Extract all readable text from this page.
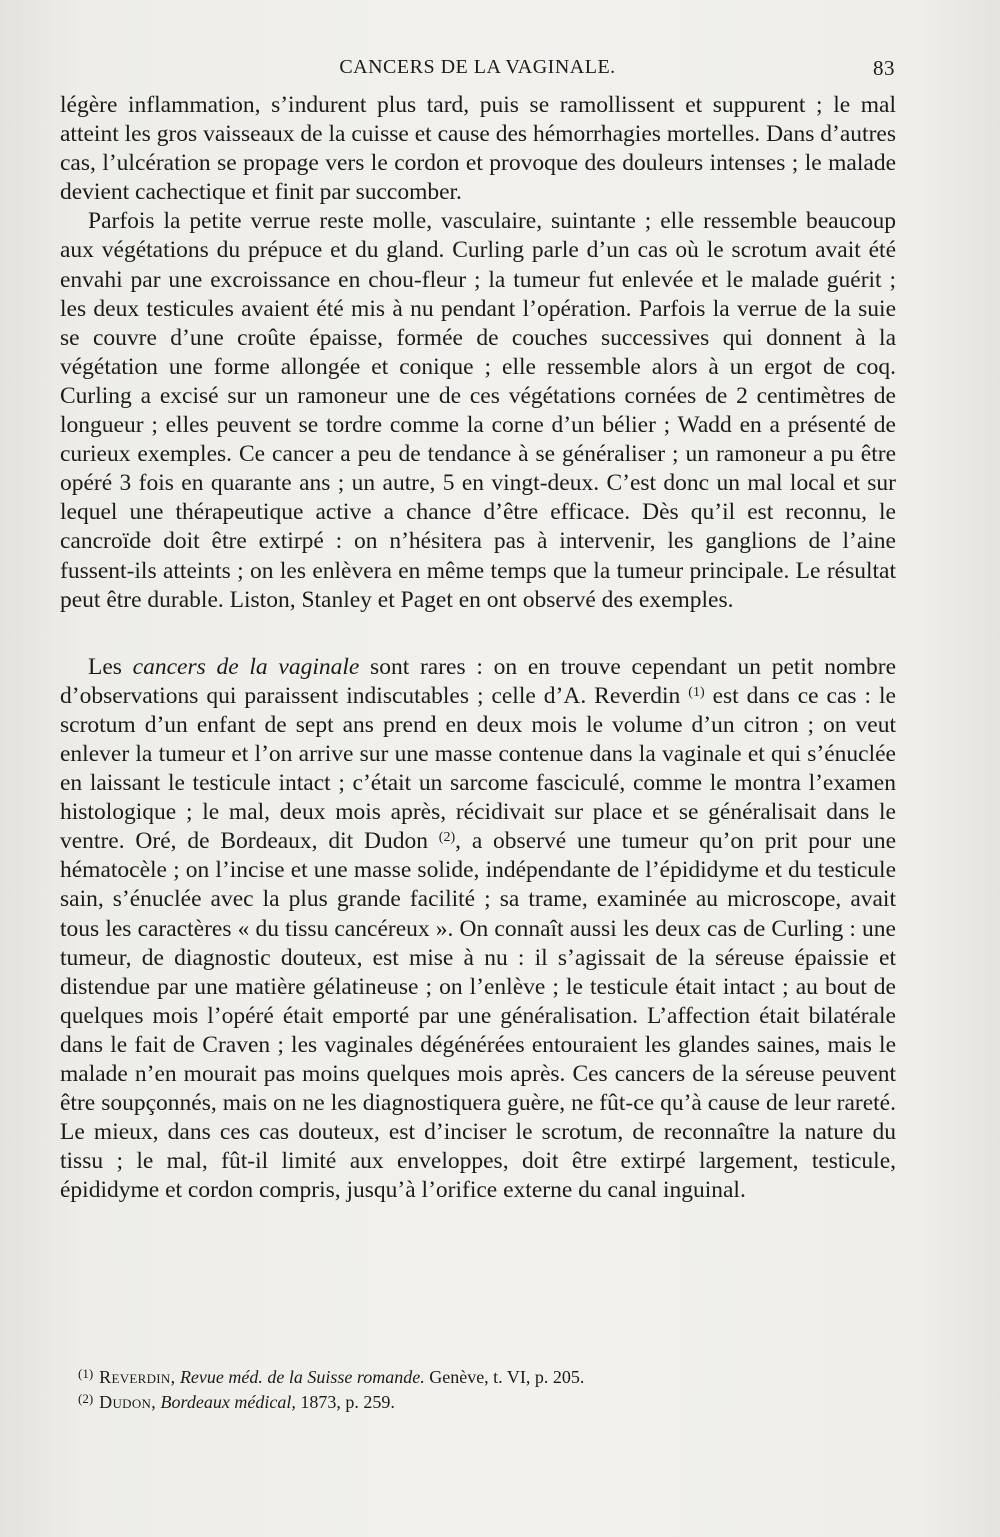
CANCERS DE LA VAGINALE.	83

légère inflammation, s’indurent plus tard, puis se ramollissent et suppurent ; le mal atteint les gros vaisseaux de la cuisse et cause des hémorrhagies mortelles. Dans d’autres cas, l’ulcération se propage vers le cordon et provoque des douleurs intenses ; le malade devient cachectique et finit par succomber.

Parfois la petite verrue reste molle, vasculaire, suintante ; elle ressemble beaucoup aux végétations du prépuce et du gland. Curling parle d’un cas où le scrotum avait été envahi par une excroissance en chou-fleur ; la tumeur fut enlevée et le malade guérit ; les deux testicules avaient été mis à nu pendant l’opération. Parfois la verrue de la suie se couvre d’une croûte épaisse, formée de couches successives qui donnent à la végétation une forme allongée et conique ; elle ressemble alors à un ergot de coq. Curling a excisé sur un ramoneur une de ces végétations cornées de 2 centimètres de longueur ; elles peuvent se tordre comme la corne d’un bélier ; Wadd en a présenté de curieux exemples. Ce cancer a peu de tendance à se généraliser ; un ramoneur a pu être opéré 3 fois en quarante ans ; un autre, 5 en vingt-deux. C’est donc un mal local et sur lequel une thérapeutique active a chance d’être efficace. Dès qu’il est reconnu, le cancroïde doit être extirpé : on n’hésitera pas à intervenir, les ganglions de l’aine fussent-ils atteints ; on les enlèvera en même temps que la tumeur principale. Le résultat peut être durable. Liston, Stanley et Paget en ont observé des exemples.

Les cancers de la vaginale sont rares : on en trouve cependant un petit nombre d’observations qui paraissent indiscutables ; celle d’A. Reverdin $^{(1)}$ est dans ce cas : le scrotum d’un enfant de sept ans prend en deux mois le volume d’un citron ; on veut enlever la tumeur et l’on arrive sur une masse contenue dans la vaginale et qui s’énuclée en laissant le testicule intact ; c’était un sarcome fasciculé, comme le montra l’examen histologique ; le mal, deux mois après, récidivait sur place et se généralisait dans le ventre. Oré, de Bordeaux, dit Dudon $^{(2)}$, a observé une tumeur qu’on prit pour une hématocèle ; on l’incise et une masse solide, indépendante de l’épididyme et du testicule sain, s’énuclée avec la plus grande facilité ; sa trame, examinée au microscope, avait tous les caractères « du tissu cancéreux ». On connaît aussi les deux cas de Curling : une tumeur, de diagnostic douteux, est mise à nu : il s’agissait de la séreuse épaissie et distendue par une matière gélatineuse ; on l’enlève ; le testicule était intact ; au bout de quelques mois l’opéré était emporté par une généralisation. L’affection était bilatérale dans le fait de Craven ; les vaginales dégénérées entouraient les glandes saines, mais le malade n’en mourait pas moins quelques mois après. Ces cancers de la séreuse peuvent être soupçonnés, mais on ne les diagnostiquera guère, ne fût-ce qu’à cause de leur rareté. Le mieux, dans ces cas douteux, est d’inciser le scrotum, de reconnaître la nature du tissu ; le mal, fût-il limité aux enveloppes, doit être extirpé largement, testicule, épididyme et cordon compris, jusqu’à l’orifice externe du canal inguinal.

$^{(1)}$ Reverdin, Revue méd. de la Suisse romande. Genève, t. VI, p. 205.

$^{(2)}$ Dudon, Bordeaux médical, 1873, p. 259.
